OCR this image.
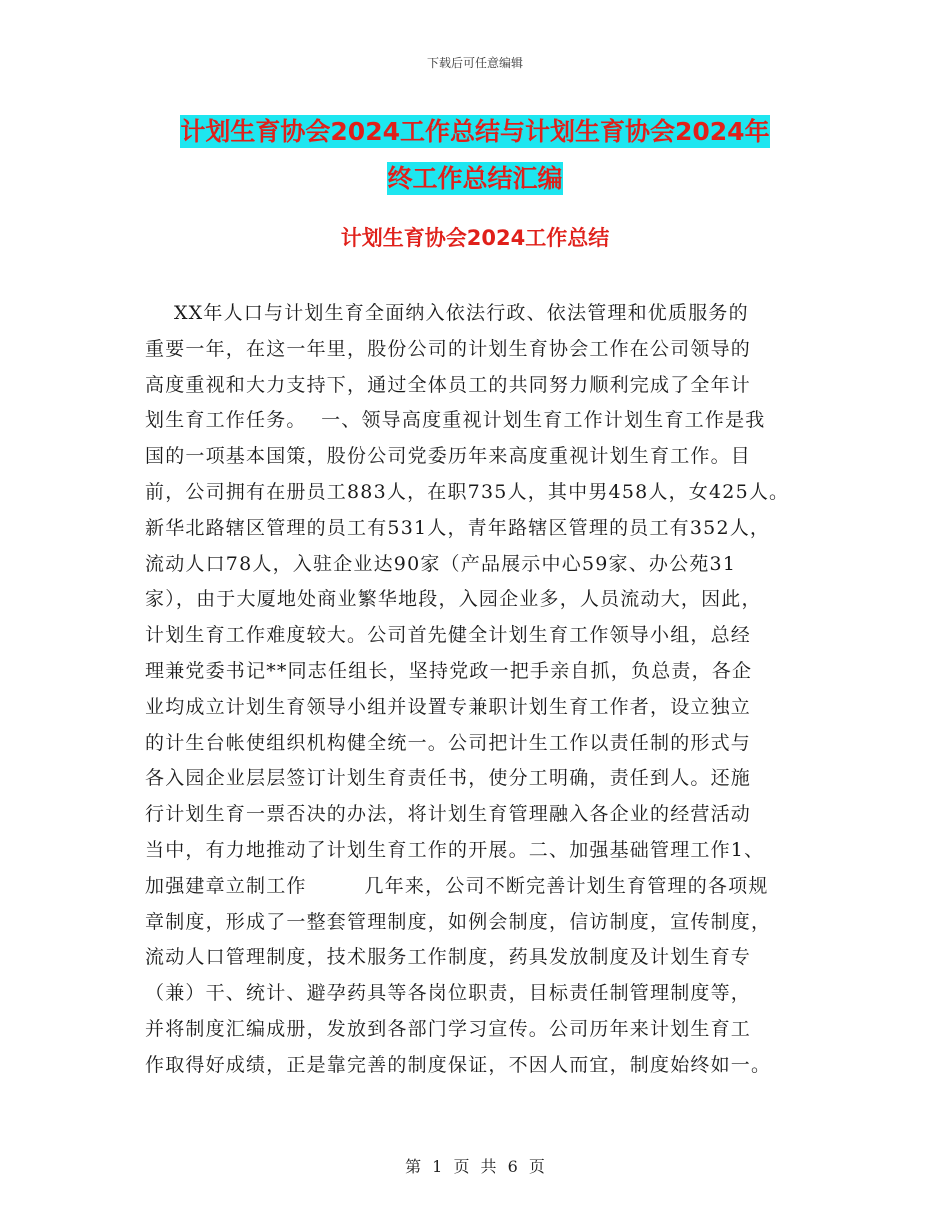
下载后可任意编辑
计划生育协会2024工作总结与计划生育协会2024年
终工作总结汇编
计划生育协会2024工作总结
XX年人口与计划生育全面纳入依法行政、依法管理和优质服务的
重要一年，在这一年里，股份公司的计划生育协会工作在公司领导的
高度重视和大力支持下，通过全体员工的共同努力顺利完成了全年计
划生育工作任务。  一、领导高度重视计划生育工作计划生育工作是我
国的一项基本国策，股份公司党委历年来高度重视计划生育工作。目
前，公司拥有在册员工883人，在职735人，其中男458人，女425人。
新华北路辖区管理的员工有531人，青年路辖区管理的员工有352人，
流动人口78人，入驻企业达90家（产品展示中心59家、办公苑31
家），由于大厦地处商业繁华地段，入园企业多，人员流动大，因此，
计划生育工作难度较大。公司首先健全计划生育工作领导小组，总经
理兼党委书记**同志任组长，坚持党政一把手亲自抓，负总责，各企
业均成立计划生育领导小组并设置专兼职计划生育工作者，设立独立
的计生台帐使组织机构健全统一。公司把计生工作以责任制的形式与
各入园企业层层签订计划生育责任书，使分工明确，责任到人。还施
行计划生育一票否决的办法，将计划生育管理融入各企业的经营活动
当中，有力地推动了计划生育工作的开展。二、加强基础管理工作1、
加强建章立制工作        几年来，公司不断完善计划生育管理的各项规
章制度，形成了一整套管理制度，如例会制度，信访制度，宣传制度，
流动人口管理制度，技术服务工作制度，药具发放制度及计划生育专
（兼）干、统计、避孕药具等各岗位职责，目标责任制管理制度等，
并将制度汇编成册，发放到各部门学习宣传。公司历年来计划生育工
作取得好成绩，正是靠完善的制度保证，不因人而宜，制度始终如一。
第 1 页 共 6 页
